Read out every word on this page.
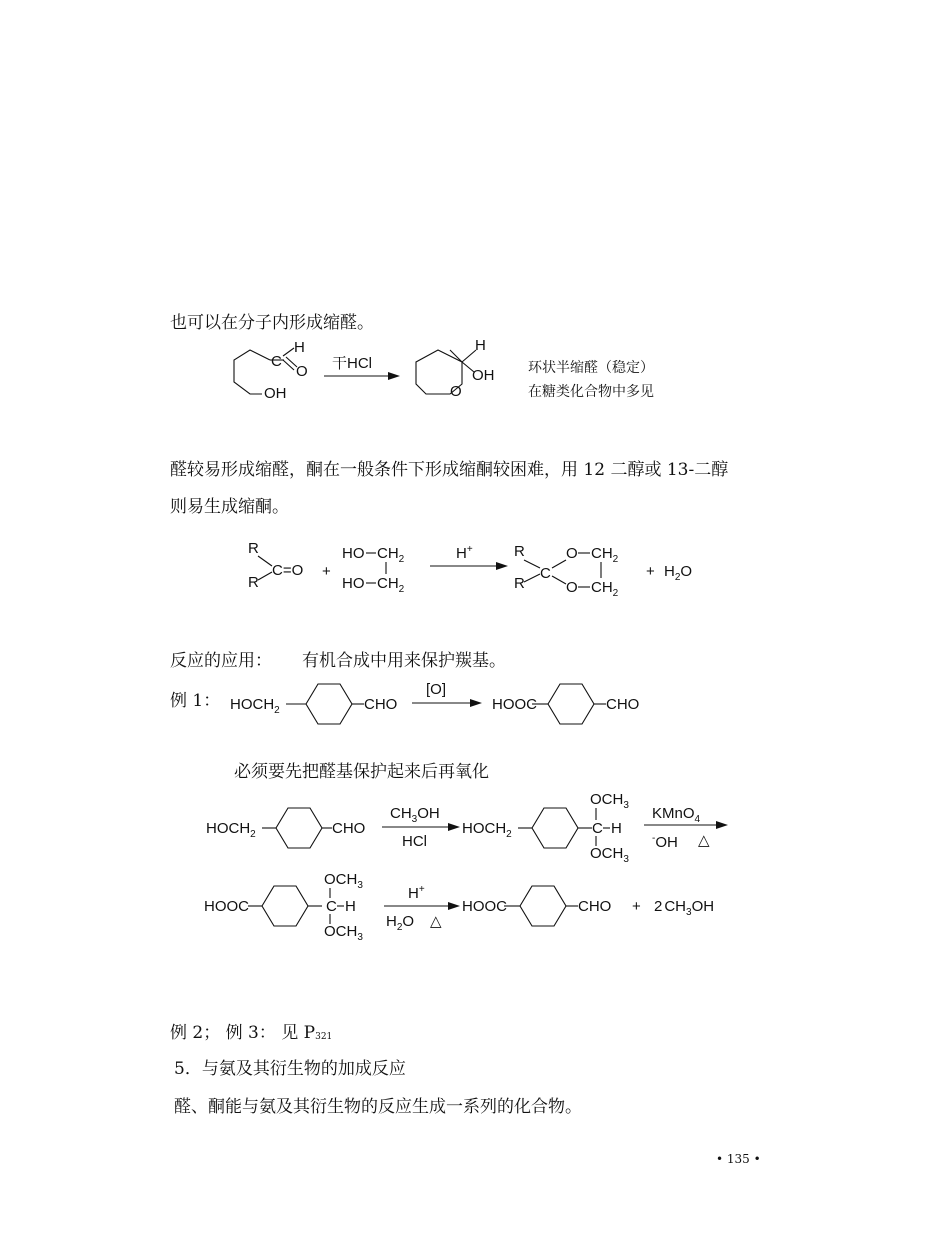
也可以在分子内形成缩醛。
C
H
O
OH
干HCl
H
OH
O
环状半缩醛（稳定）
在糖类化合物中多见
醛较易形成缩醛，酮在一般条件下形成缩酮较困难，用 12 二醇或 13-二醇
则易生成缩酮。
R
R
C=O +
HO $CH_2$
HO $CH_2$
H+	R
R
C
O
O
$CH_2$
$CH_2$
+ $H_2O$
反应的应用： 有机合成中用来保护羰基。
例 1： $HOCH_2$	CHO
[O]
HOOC	CHO
必须要先把醛基保护起来后再氧化
$HOCH_2$	CHO
$CH_3OH$
HCl
$HOCH_2$
$OCH_3$
C H
$OCH_3$
KMnO$_4$
-OH △
HOOC
$OCH_3$
C H
$OCH_3$
H+
$H_2O$ △
HOOC	CHO + 2 $CH_3OH$
例 2； 例 3： 见 P321
5．与氨及其衍生物的加成反应
醛、酮能与氨及其衍生物的反应生成一系列的化合物。
• 135 •
